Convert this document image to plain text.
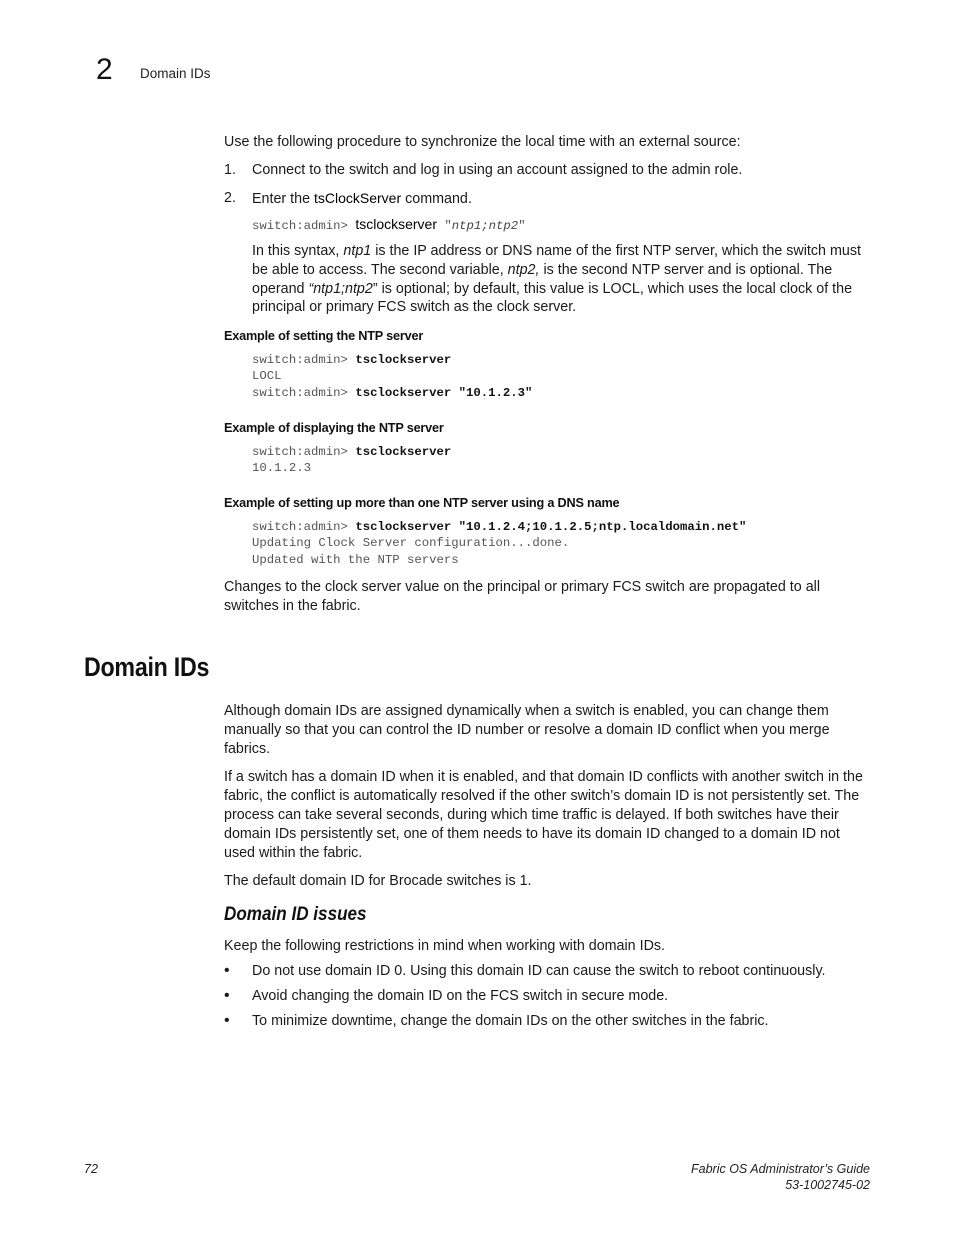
2 Domain IDs

Use the following procedure to synchronize the local time with an external source:

1.	Connect to the switch and log in using an account assigned to the admin role.
2.	Enter the tsClockServer command.
switch:admin> tsclockserver "ntp1;ntp2"

In this syntax, ntp1 is the IP address or DNS name of the first NTP server, which the switch must be able to access. The second variable, ntp2, is the second NTP server and is optional. The operand “ntp1;ntp2” is optional; by default, this value is LOCL, which uses the local clock of the principal or primary FCS switch as the clock server.

Example of setting the NTP server
switch:admin> tsclockserver
LOCL
switch:admin> tsclockserver "10.1.2.3"
Example of displaying the NTP server
switch:admin> tsclockserver
10.1.2.3
Example of setting up more than one NTP server using a DNS name
switch:admin> tsclockserver "10.1.2.4;10.1.2.5;ntp.localdomain.net"
Updating Clock Server configuration...done.
Updated with the NTP servers

Changes to the clock server value on the principal or primary FCS switch are propagated to all switches in the fabric.

Domain IDs

Although domain IDs are assigned dynamically when a switch is enabled, you can change them manually so that you can control the ID number or resolve a domain ID conflict when you merge fabrics.

If a switch has a domain ID when it is enabled, and that domain ID conflicts with another switch in the fabric, the conflict is automatically resolved if the other switch’s domain ID is not persistently set. The process can take several seconds, during which time traffic is delayed. If both switches have their domain IDs persistently set, one of them needs to have its domain ID changed to a domain ID not used within the fabric.

The default domain ID for Brocade switches is 1.

Domain ID issues

Keep the following restrictions in mind when working with domain IDs.

•	Do not use domain ID 0. Using this domain ID can cause the switch to reboot continuously.
•	Avoid changing the domain ID on the FCS switch in secure mode.
•	To minimize downtime, change the domain IDs on the other switches in the fabric.
72	Fabric OS Administrator’s Guide
53-1002745-02
